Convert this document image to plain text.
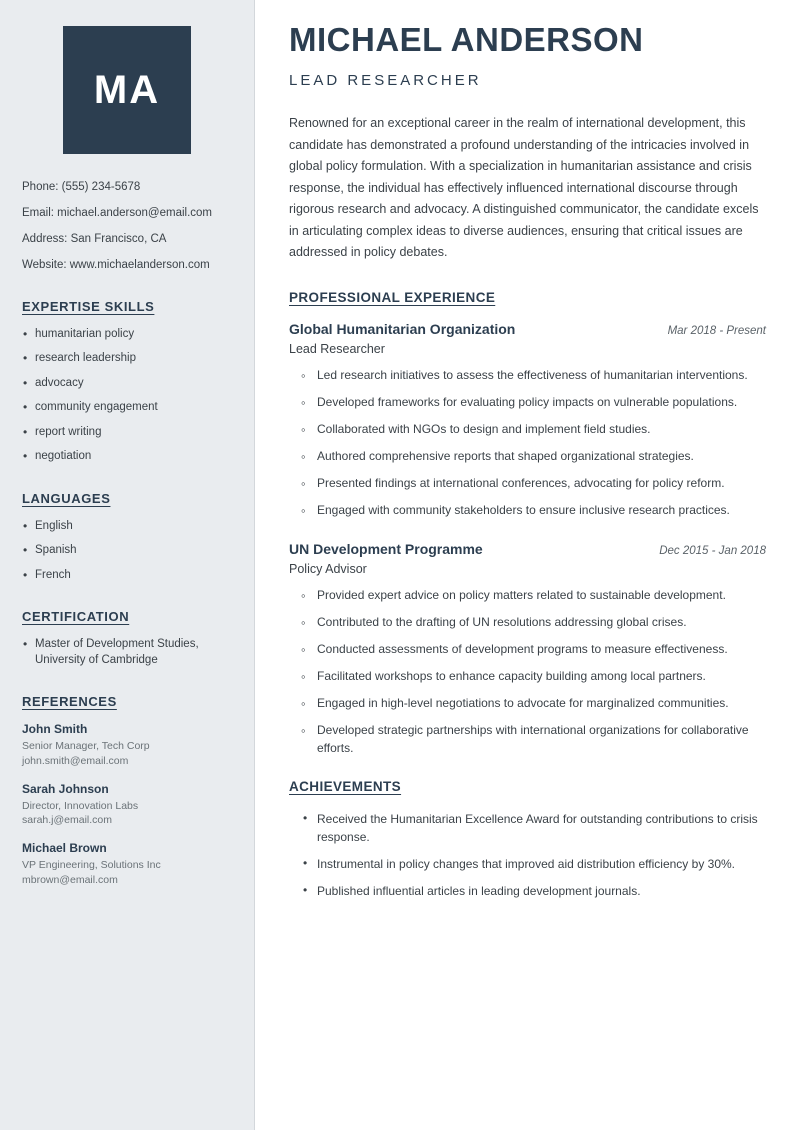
MA
Phone: (555) 234-5678
Email: michael.anderson@email.com
Address: San Francisco, CA
Website: www.michaelanderson.com
EXPERTISE SKILLS
• humanitarian policy
• research leadership
• advocacy
• community engagement
• report writing
• negotiation
LANGUAGES
• English
• Spanish
• French
CERTIFICATION
• Master of Development Studies, University of Cambridge
REFERENCES
John Smith
Senior Manager, Tech Corp
john.smith@email.com
Sarah Johnson
Director, Innovation Labs
sarah.j@email.com
Michael Brown
VP Engineering, Solutions Inc
mbrown@email.com
MICHAEL ANDERSON
LEAD RESEARCHER

Renowned for an exceptional career in the realm of international development, this candidate has demonstrated a profound understanding of the intricacies involved in global policy formulation. With a specialization in humanitarian assistance and crisis response, the individual has effectively influenced international discourse through rigorous research and advocacy. A distinguished communicator, the candidate excels in articulating complex ideas to diverse audiences, ensuring that critical issues are addressed in policy debates.

PROFESSIONAL EXPERIENCE
Global Humanitarian Organization	Mar 2018 - Present
Lead Researcher
◦ Led research initiatives to assess the effectiveness of humanitarian interventions.
◦ Developed frameworks for evaluating policy impacts on vulnerable populations.
◦ Collaborated with NGOs to design and implement field studies.
◦ Authored comprehensive reports that shaped organizational strategies.
◦ Presented findings at international conferences, advocating for policy reform.
◦ Engaged with community stakeholders to ensure inclusive research practices.
UN Development Programme	Dec 2015 - Jan 2018
Policy Advisor
◦ Provided expert advice on policy matters related to sustainable development.
◦ Contributed to the drafting of UN resolutions addressing global crises.
◦ Conducted assessments of development programs to measure effectiveness.
◦ Facilitated workshops to enhance capacity building among local partners.
◦ Engaged in high-level negotiations to advocate for marginalized communities.
◦ Developed strategic partnerships with international organizations for collaborative efforts.
ACHIEVEMENTS
• Received the Humanitarian Excellence Award for outstanding contributions to crisis response.
• Instrumental in policy changes that improved aid distribution efficiency by 30%.
• Published influential articles in leading development journals.
